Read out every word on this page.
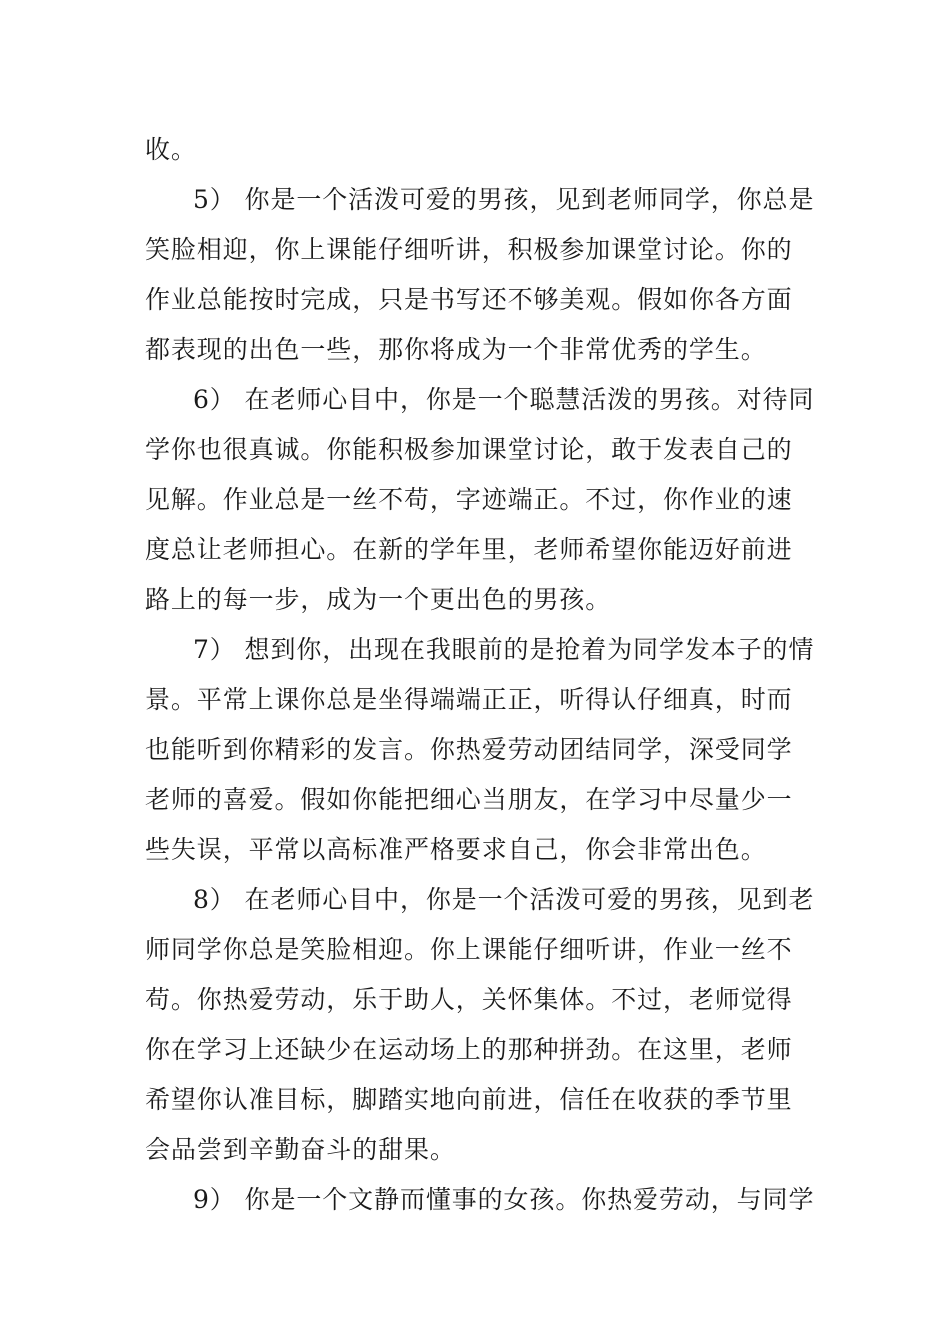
收。
5） 你是一个活泼可爱的男孩，见到老师同学，你总是
笑脸相迎，你上课能仔细听讲，积极参加课堂讨论。你的
作业总能按时完成，只是书写还不够美观。假如你各方面
都表现的出色一些，那你将成为一个非常优秀的学生。
6） 在老师心目中，你是一个聪慧活泼的男孩。对待同
学你也很真诚。你能积极参加课堂讨论，敢于发表自己的
见解。作业总是一丝不苟，字迹端正。不过，你作业的速
度总让老师担心。在新的学年里，老师希望你能迈好前进
路上的每一步，成为一个更出色的男孩。
7） 想到你，出现在我眼前的是抢着为同学发本子的情
景。平常上课你总是坐得端端正正，听得认仔细真，时而
也能听到你精彩的发言。你热爱劳动团结同学，深受同学
老师的喜爱。假如你能把细心当朋友，在学习中尽量少一
些失误，平常以高标准严格要求自己，你会非常出色。
8） 在老师心目中，你是一个活泼可爱的男孩，见到老
师同学你总是笑脸相迎。你上课能仔细听讲，作业一丝不
苟。你热爱劳动，乐于助人，关怀集体。不过，老师觉得
你在学习上还缺少在运动场上的那种拼劲。在这里，老师
希望你认准目标，脚踏实地向前进，信任在收获的季节里
会品尝到辛勤奋斗的甜果。
9） 你是一个文静而懂事的女孩。你热爱劳动，与同学
